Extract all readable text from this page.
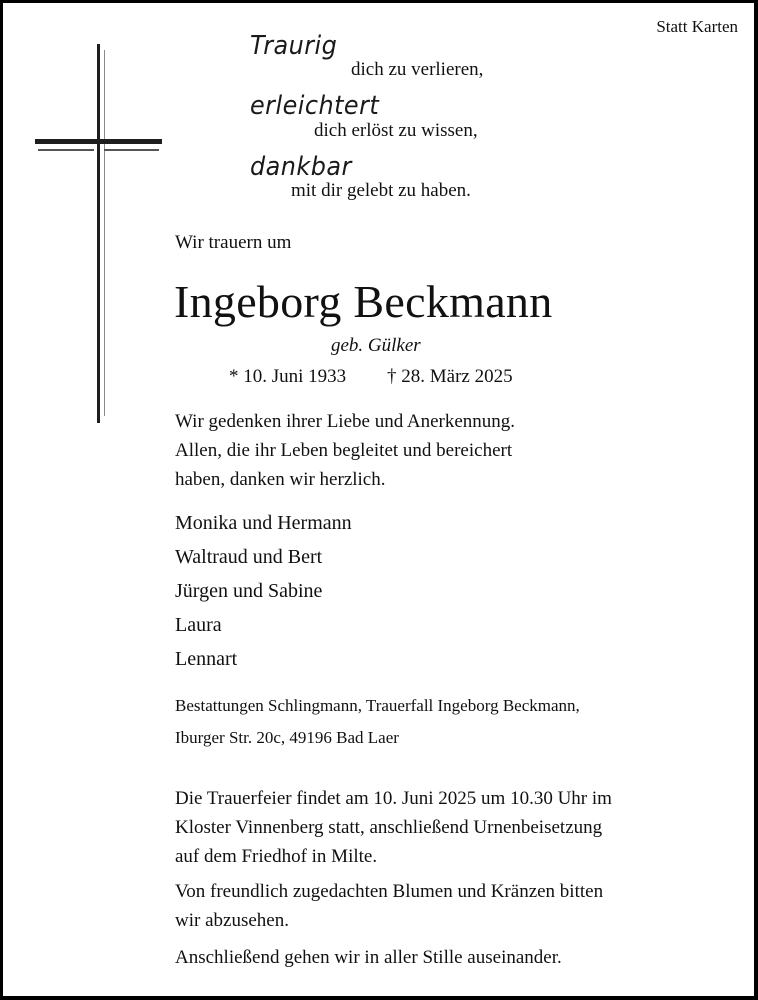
Statt Karten
Traurig
dich zu verlieren,
erleichtert
dich erlöst zu wissen,
dankbar
mit dir gelebt zu haben.
Wir trauern um
Ingeborg Beckmann
geb. Gülker
* 10. Juni 1933 † 28. März 2025
Wir gedenken ihrer Liebe und Anerkennung.
Allen, die ihr Leben begleitet und bereichert
haben, danken wir herzlich.
Monika und Hermann
Waltraud und Bert
Jürgen und Sabine
Laura
Lennart
Bestattungen Schlingmann, Trauerfall Ingeborg Beckmann,
Iburger Str. 20c, 49196 Bad Laer
Die Trauerfeier findet am 10. Juni 2025 um 10.30 Uhr im
Kloster Vinnenberg statt, anschließend Urnenbeisetzung
auf dem Friedhof in Milte.
Von freundlich zugedachten Blumen und Kränzen bitten
wir abzusehen.
Anschließend gehen wir in aller Stille auseinander.
